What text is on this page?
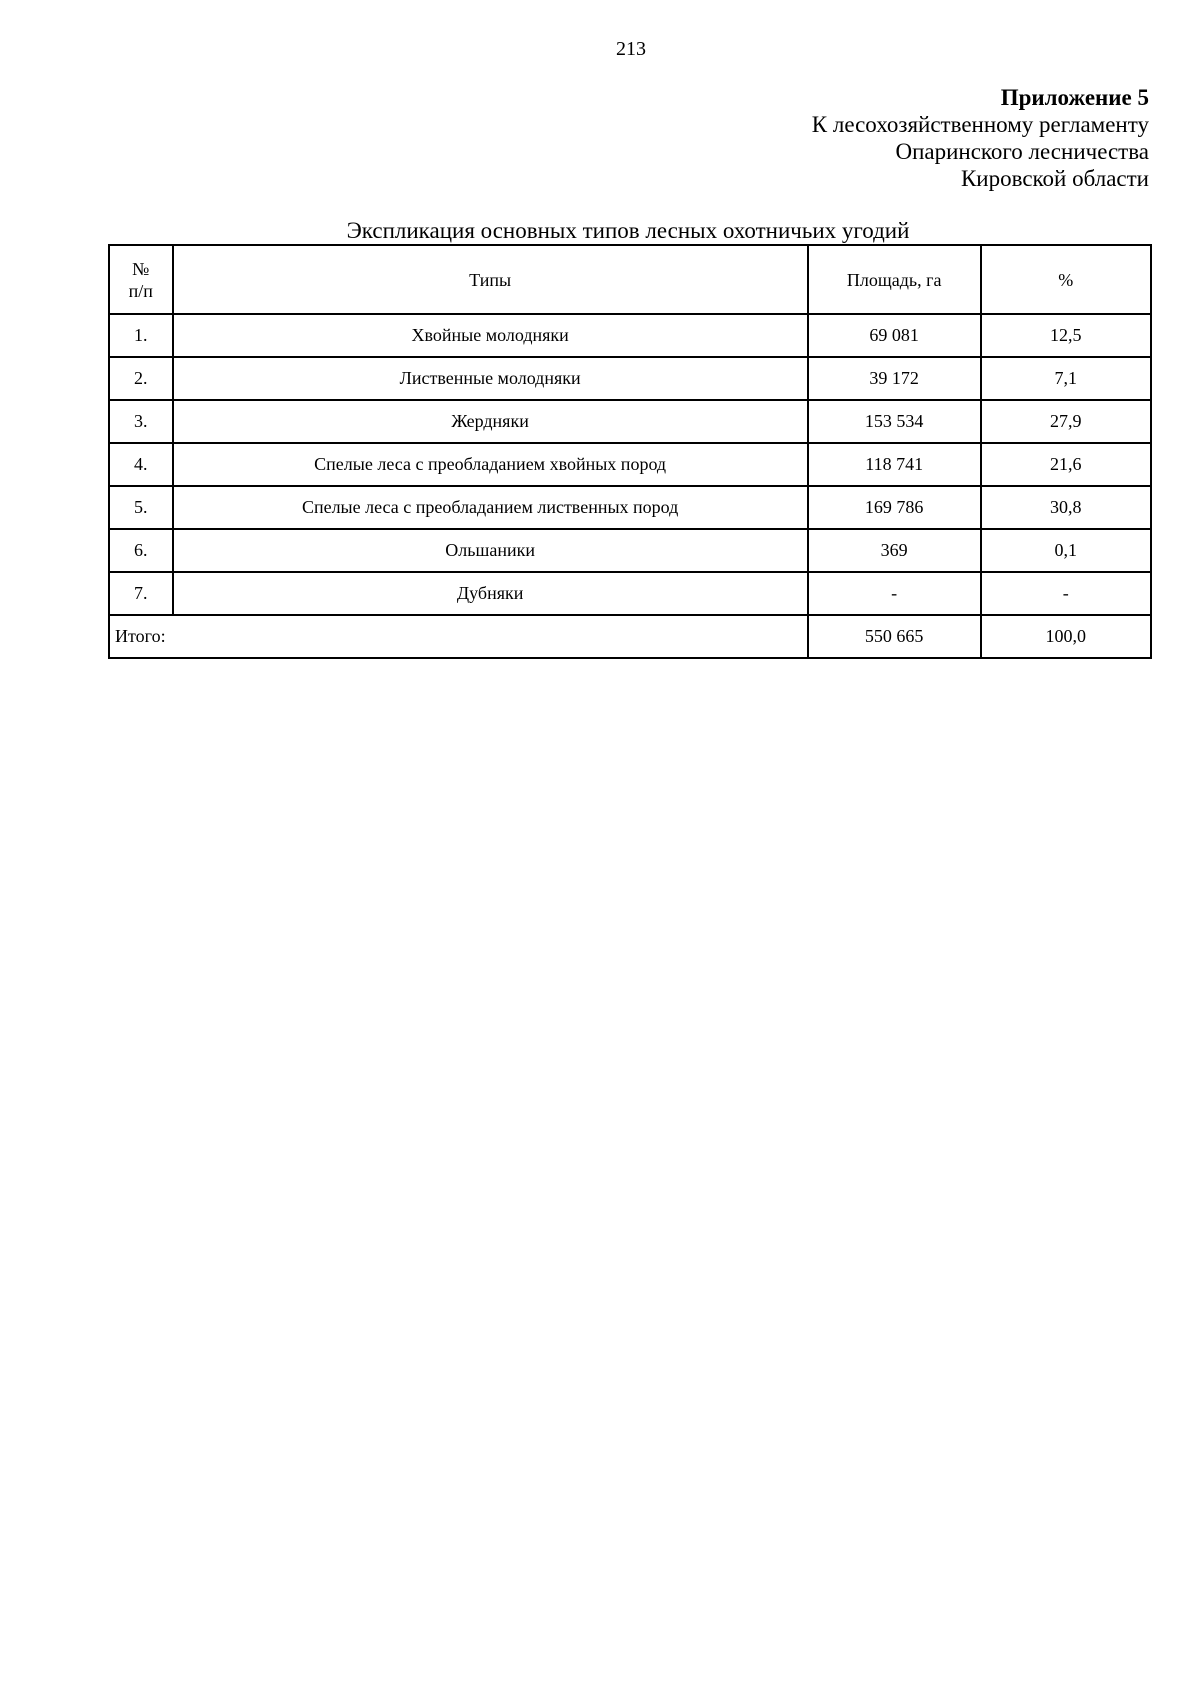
213
Приложение 5
К лесохозяйственному регламенту
Опаринского лесничества
Кировской области
Экспликация основных типов лесных охотничьих угодий
№
п/п	Типы	Площадь, га	%
1.	Хвойные молодняки	69 081	12,5
2.	Лиственные молодняки	39 172	7,1
3.	Жердняки	153 534	27,9
4.	Спелые леса с преобладанием хвойных пород	118 741	21,6
5.	Спелые леса с преобладанием лиственных пород	169 786	30,8
6.	Ольшаники	369	0,1
7.	Дубняки	-	-
Итого:		550 665	100,0
